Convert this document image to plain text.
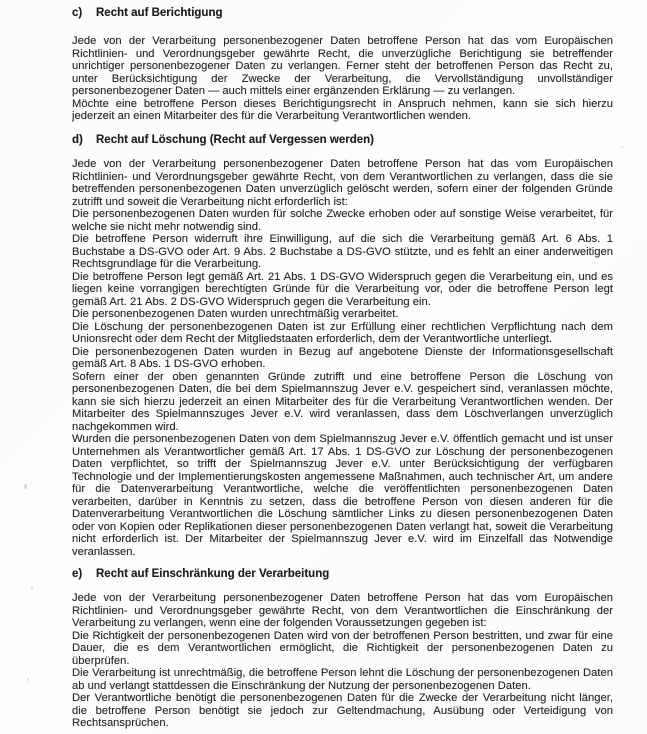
c) Recht auf Berichtigung

Jede von der Verarbeitung personenbezogener Daten betroffene Person hat das vom Europäischen Richtlinien- und Verordnungsgeber gewährte Recht, die unverzügliche Berichtigung sie betreffender unrichtiger personenbezogener Daten zu verlangen. Ferner steht der betroffenen Person das Recht zu, unter Berücksichtigung der Zwecke der Verarbeitung, die Vervollständigung unvollständiger personenbezogener Daten — auch mittels einer ergänzenden Erklärung — zu verlangen.

Möchte eine betroffene Person dieses Berichtigungsrecht in Anspruch nehmen, kann sie sich hierzu jederzeit an einen Mitarbeiter des für die Verarbeitung Verantwortlichen wenden.

d) Recht auf Löschung (Recht auf Vergessen werden)

Jede von der Verarbeitung personenbezogener Daten betroffene Person hat das vom Europäischen Richtlinien- und Verordnungsgeber gewährte Recht, von dem Verantwortlichen zu verlangen, dass die sie betreffenden personenbezogenen Daten unverzüglich gelöscht werden, sofern einer der folgenden Gründe zutrifft und soweit die Verarbeitung nicht erforderlich ist:

Die personenbezogenen Daten wurden für solche Zwecke erhoben oder auf sonstige Weise verarbeitet, für welche sie nicht mehr notwendig sind.

Die betroffene Person widerruft ihre Einwilligung, auf die sich die Verarbeitung gemäß Art. 6 Abs. 1 Buchstabe a DS-GVO oder Art. 9 Abs. 2 Buchstabe a DS-GVO stützte, und es fehlt an einer anderweitigen Rechtsgrundlage für die Verarbeitung.

Die betroffene Person legt gemäß Art. 21 Abs. 1 DS-GVO Widerspruch gegen die Verarbeitung ein, und es liegen keine vorrangigen berechtigten Gründe für die Verarbeitung vor, oder die betroffene Person legt gemäß Art. 21 Abs. 2 DS-GVO Widerspruch gegen die Verarbeitung ein.

Die personenbezogenen Daten wurden unrechtmäßig verarbeitet.

Die Löschung der personenbezogenen Daten ist zur Erfüllung einer rechtlichen Verpflichtung nach dem Unionsrecht oder dem Recht der Mitgliedstaaten erforderlich, dem der Verantwortliche unterliegt.

Die personenbezogenen Daten wurden in Bezug auf angebotene Dienste der Informationsgesellschaft gemäß Art. 8 Abs. 1 DS-GVO erhoben.

Sofern einer der oben genannten Gründe zutrifft und eine betroffene Person die Löschung von personenbezogenen Daten, die bei dem Spielmannszug Jever e.V. gespeichert sind, veranlassen möchte, kann sie sich hierzu jederzeit an einen Mitarbeiter des für die Verarbeitung Verantwortlichen wenden. Der Mitarbeiter des Spielmannszuges Jever e.V. wird veranlassen, dass dem Löschverlangen unverzüglich nachgekommen wird.

Wurden die personenbezogenen Daten von dem Spielmannszug Jever e.V. öffentlich gemacht und ist unser Unternehmen als Verantwortlicher gemäß Art. 17 Abs. 1 DS-GVO zur Löschung der personenbezogenen Daten verpflichtet, so trifft der Spielmannszug Jever e.V. unter Berücksichtigung der verfügbaren Technologie und der Implementierungskosten angemessene Maßnahmen, auch technischer Art, um andere für die Datenverarbeitung Verantwortliche, welche die veröffentlichten personenbezogenen Daten verarbeiten, darüber in Kenntnis zu setzen, dass die betroffene Person von diesen anderen für die Datenverarbeitung Verantwortlichen die Löschung sämtlicher Links zu diesen personenbezogenen Daten oder von Kopien oder Replikationen dieser personenbezogenen Daten verlangt hat, soweit die Verarbeitung nicht erforderlich ist. Der Mitarbeiter der Spielmannszug Jever e.V. wird im Einzelfall das Notwendige veranlassen.

e) Recht auf Einschränkung der Verarbeitung

Jede von der Verarbeitung personenbezogener Daten betroffene Person hat das vom Europäischen Richtlinien- und Verordnungsgeber gewährte Recht, von dem Verantwortlichen die Einschränkung der Verarbeitung zu verlangen, wenn eine der folgenden Voraussetzungen gegeben ist:

Die Richtigkeit der personenbezogenen Daten wird von der betroffenen Person bestritten, und zwar für eine Dauer, die es dem Verantwortlichen ermöglicht, die Richtigkeit der personenbezogenen Daten zu überprüfen.

Die Verarbeitung ist unrechtmäßig, die betroffene Person lehnt die Löschung der personenbezogenen Daten ab und verlangt stattdessen die Einschränkung der Nutzung der personenbezogenen Daten.

Der Verantwortliche benötigt die personenbezogenen Daten für die Zwecke der Verarbeitung nicht länger, die betroffene Person benötigt sie jedoch zur Geltendmachung, Ausübung oder Verteidigung von Rechtsansprüchen.
